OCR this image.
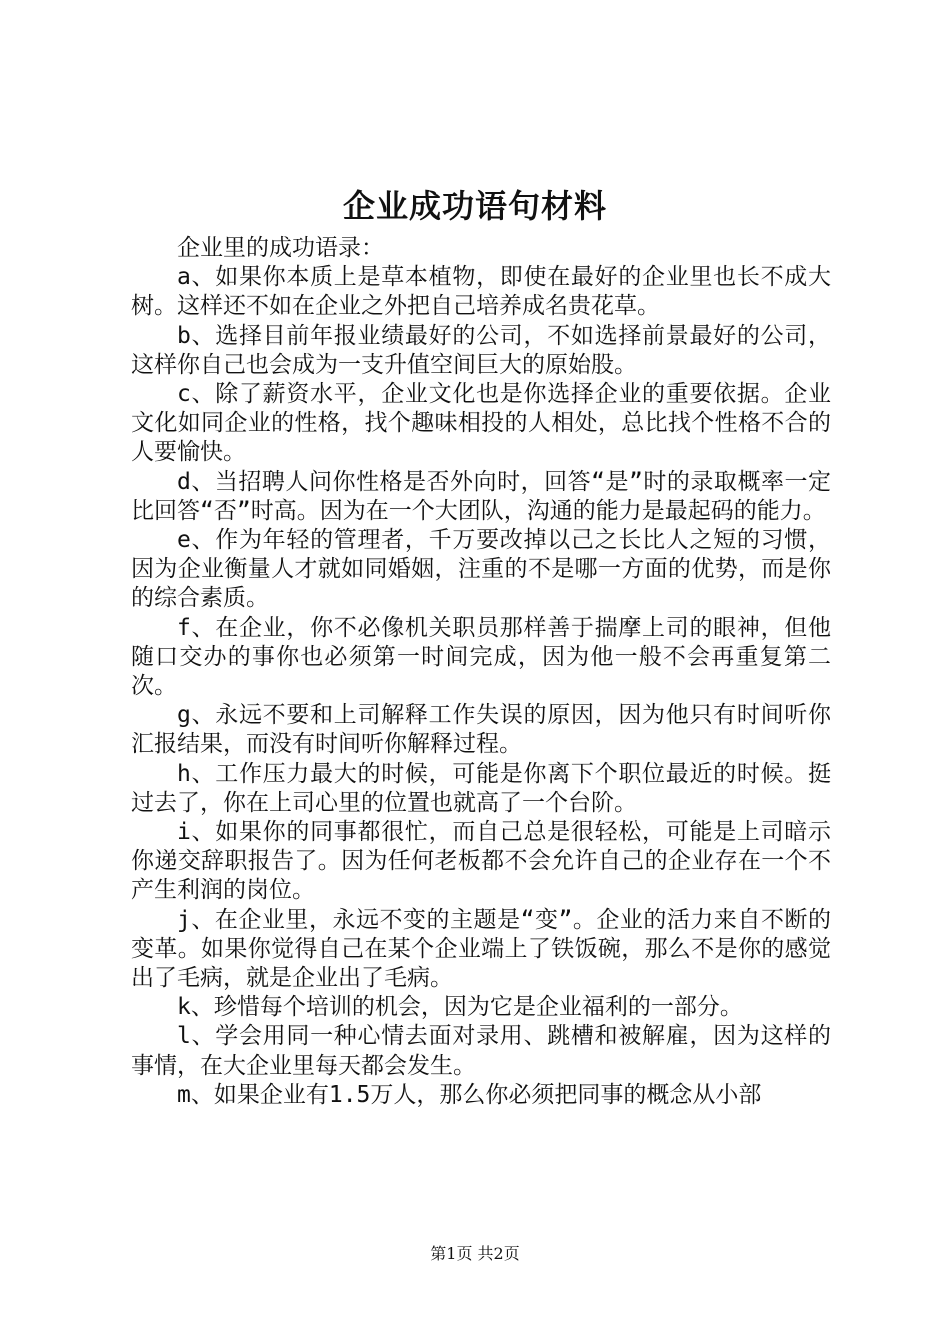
企业成功语句材料

企业里的成功语录：

a、如果你本质上是草本植物，即使在最好的企业里也长不成大树。这样还不如在企业之外把自己培养成名贵花草。

b、选择目前年报业绩最好的公司，不如选择前景最好的公司，这样你自己也会成为一支升值空间巨大的原始股。

c、除了薪资水平，企业文化也是你选择企业的重要依据。企业文化如同企业的性格，找个趣味相投的人相处，总比找个性格不合的人要愉快。

d、当招聘人问你性格是否外向时，回答“是”时的录取概率一定比回答“否”时高。因为在一个大团队，沟通的能力是最起码的能力。

e、作为年轻的管理者，千万要改掉以己之长比人之短的习惯，因为企业衡量人才就如同婚姻，注重的不是哪一方面的优势，而是你的综合素质。

f、在企业，你不必像机关职员那样善于揣摩上司的眼神，但他随口交办的事你也必须第一时间完成，因为他一般不会再重复第二次。

g、永远不要和上司解释工作失误的原因，因为他只有时间听你汇报结果，而没有时间听你解释过程。

h、工作压力最大的时候，可能是你离下个职位最近的时候。挺过去了，你在上司心里的位置也就高了一个台阶。

i、如果你的同事都很忙，而自己总是很轻松，可能是上司暗示你递交辞职报告了。因为任何老板都不会允许自己的企业存在一个不产生利润的岗位。

j、在企业里，永远不变的主题是“变”。企业的活力来自不断的变革。如果你觉得自己在某个企业端上了铁饭碗，那么不是你的感觉出了毛病，就是企业出了毛病。

k、珍惜每个培训的机会，因为它是企业福利的一部分。

l、学会用同一种心情去面对录用、跳槽和被解雇，因为这样的事情，在大企业里每天都会发生。

m、如果企业有1.5万人，那么你必须把同事的概念从小部

第1页 共2页
